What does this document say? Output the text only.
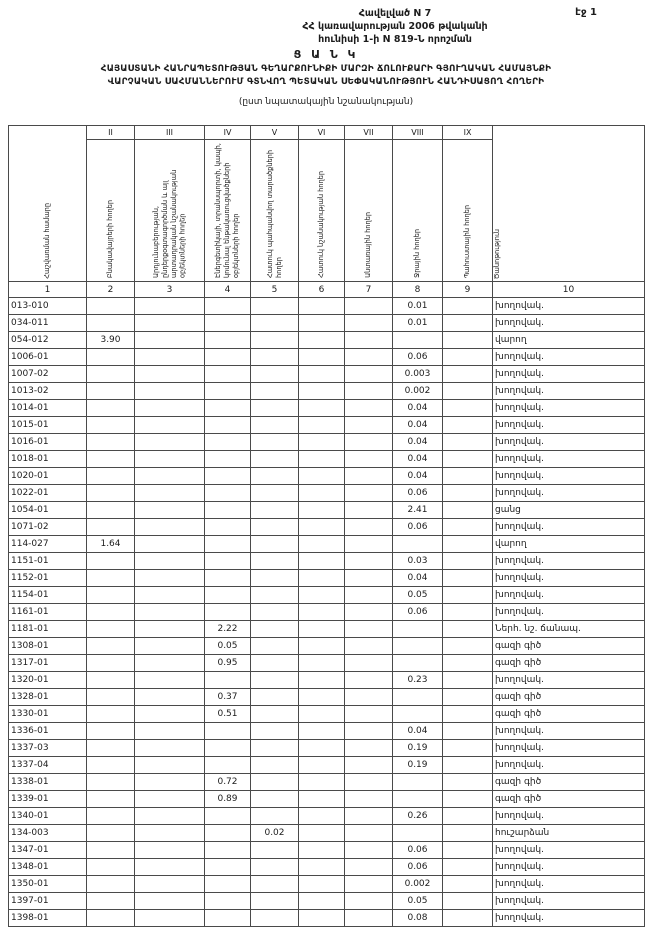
էջ 1
Հավելված N 7
ՀՀ կառավարության 2006 թվականի
հունիսի 1-ի N 819-Ն որոշման
Ց Ա Ն Կ
ՀԱՅԱՍՏԱՆԻ ՀԱՆՐԱՊԵՏՈՒԹՅԱՆ ԳԵՂԱՐՔՈՒՆԻՔԻ ՄԱՐԶԻ ՃՈԼՈՒՔԱՐԻ ԳՅՈՒՂԱԿԱՆ ՀԱՄԱՅՆՔԻ
ՎԱՐՉԱԿԱՆ ՍԱՀՄԱՆՆԵՐՈՒՄ ԳՏՆՎՈՂ ՊԵՏԱԿԱՆ ՍԵՓԱԿԱՆՈՒԹՅՈՒՆ ՀԱՆԴԻՍԱՑՈՂ ՀՈՂԵՐԻ
(ըստ նպատակային նշանակության)
Հաշվառման համարը	II	III	IV	V	VI	VII	VIII	IX	Ծանոթություն
	Բնակավայրերի հողեր	Արդյունաբերության, ընդերքօգտագործման և այլ արտադրական նշանակության օբյեկտների հողեր	Էներգետիկայի, տրանսպորտի, կապի, կոմունալ ենթակառուցվածքների օբյեկտների հողեր	Հատուկ պահպանվող տարածքների հողեր	Հատուկ նշանակության հողեր	Անտառային հողեր	Ջրային հողեր	Պահուստային հողեր	
1	2	3	4	5	6	7	8	9	10
013-010							0.01		խողովակ.
034-011							0.01		խողովակ.
054-012	3.90								վարող
1006-01							0.06		խողովակ.
1007-02							0.003		խողովակ.
1013-02							0.002		խողովակ.
1014-01							0.04		խողովակ.
1015-01							0.04		խողովակ.
1016-01							0.04		խողովակ.
1018-01							0.04		խողովակ.
1020-01							0.04		խողովակ.
1022-01							0.06		խողովակ.
1054-01							2.41		ցանց
1071-02							0.06		խողովակ.
114-027	1.64								վարող
1151-01							0.03		խողովակ.
1152-01							0.04		խողովակ.
1154-01							0.05		խողովակ.
1161-01							0.06		խողովակ.
1181-01			2.22						Ներհ. նշ. ճանապ.
1308-01			0.05						գազի գիծ
1317-01			0.95						գազի գիծ
1320-01							0.23		խողովակ.
1328-01			0.37						գազի գիծ
1330-01			0.51						գազի գիծ
1336-01							0.04		խողովակ.
1337-03							0.19		խողովակ.
1337-04							0.19		խողովակ.
1338-01			0.72						գազի գիծ
1339-01			0.89						գազի գիծ
1340-01							0.26		խողովակ.
134-003				0.02					հուշարձան
1347-01							0.06		խողովակ.
1348-01							0.06		խողովակ.
1350-01							0.002		խողովակ.
1397-01							0.05		խողովակ.
1398-01							0.08		խողովակ.
